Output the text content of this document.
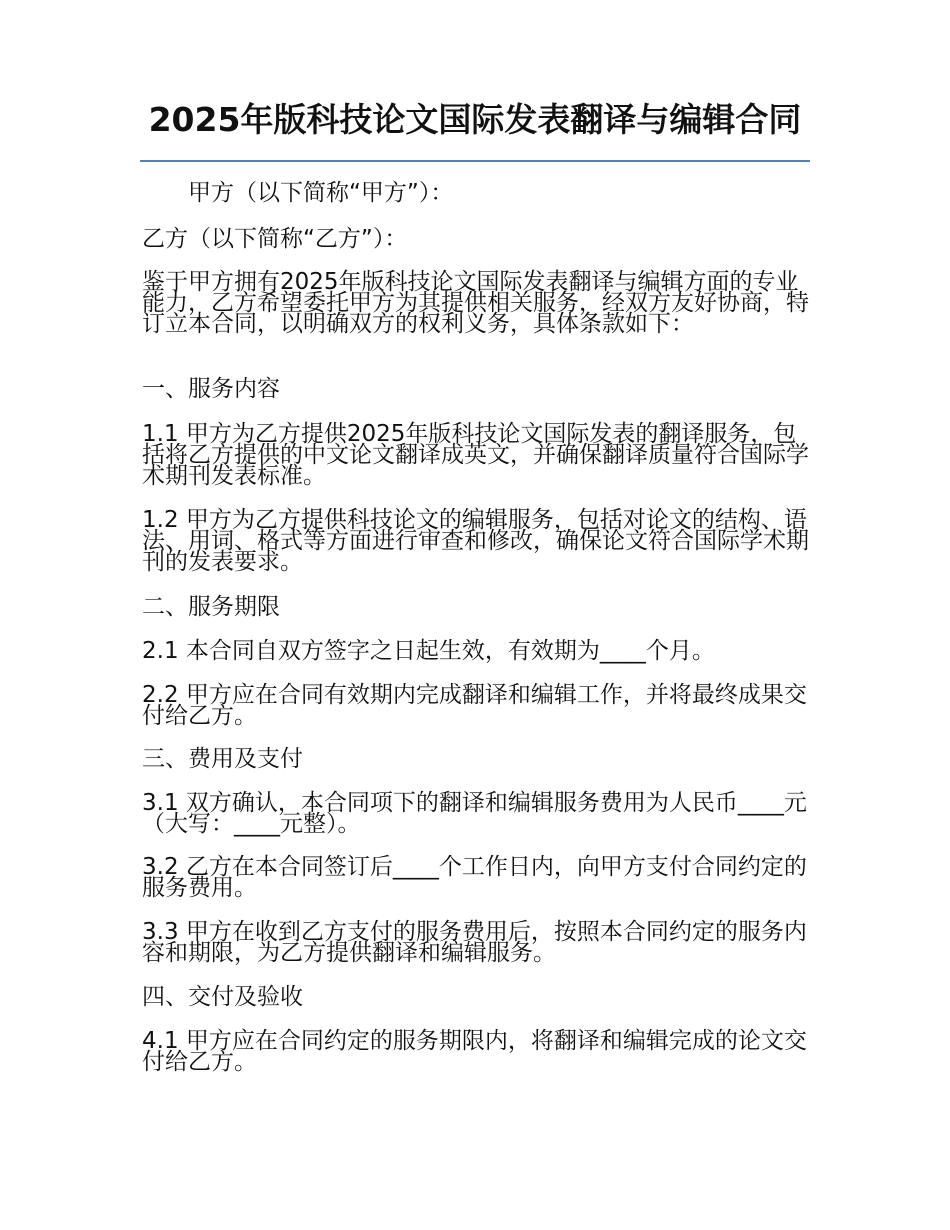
2025年版科技论文国际发表翻译与编辑合同

甲方（以下简称“甲方”）：

乙方（以下简称“乙方”）：

鉴于甲方拥有2025年版科技论文国际发表翻译与编辑方面的专业能力，乙方希望委托甲方为其提供相关服务，经双方友好协商，特订立本合同，以明确双方的权利义务，具体条款如下：

一、服务内容

1.1 甲方为乙方提供2025年版科技论文国际发表的翻译服务，包括将乙方提供的中文论文翻译成英文，并确保翻译质量符合国际学术期刊发表标准。

1.2 甲方为乙方提供科技论文的编辑服务，包括对论文的结构、语法、用词、格式等方面进行审查和修改，确保论文符合国际学术期刊的发表要求。

二、服务期限

2.1 本合同自双方签字之日起生效，有效期为____个月。

2.2 甲方应在合同有效期内完成翻译和编辑工作，并将最终成果交付给乙方。

三、费用及支付

3.1 双方确认，本合同项下的翻译和编辑服务费用为人民币____元（大写：____元整）。

3.2 乙方在本合同签订后____个工作日内，向甲方支付合同约定的服务费用。

3.3 甲方在收到乙方支付的服务费用后，按照本合同约定的服务内容和期限，为乙方提供翻译和编辑服务。

四、交付及验收

4.1 甲方应在合同约定的服务期限内，将翻译和编辑完成的论文交付给乙方。
